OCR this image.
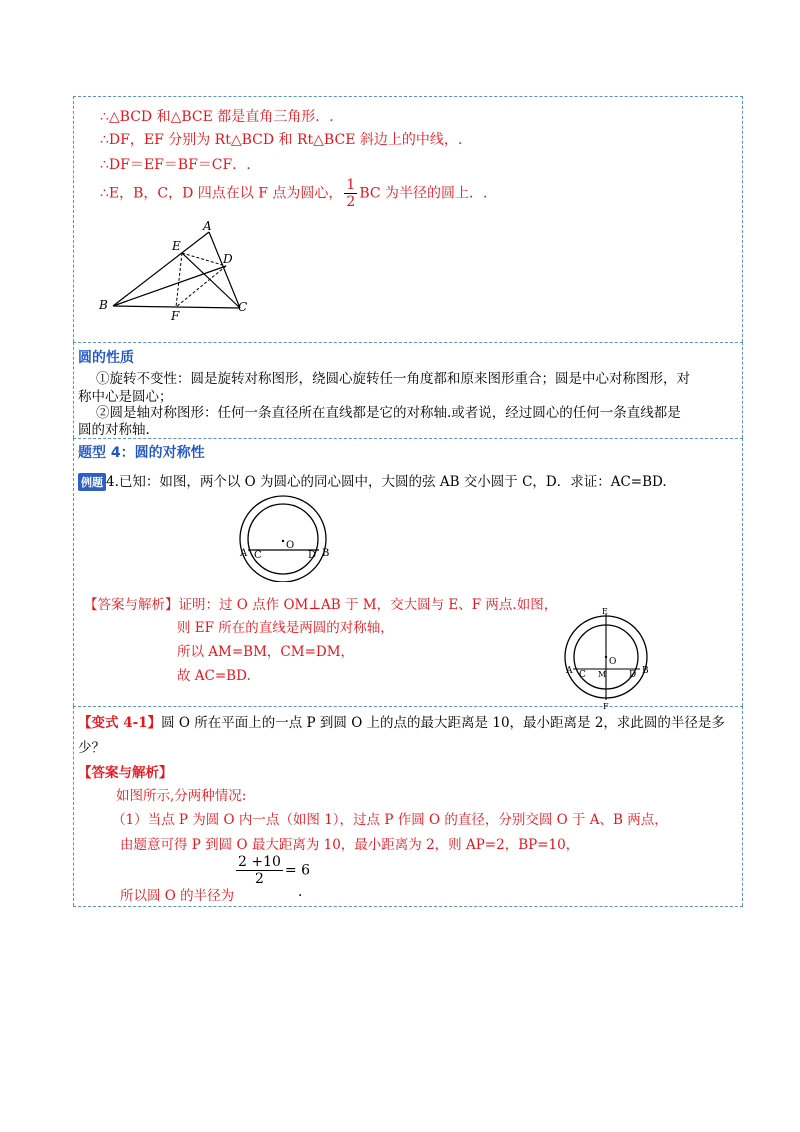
∴△BCD 和△BCE 都是直角三角形．.
∴DF，EF 分别为 Rt△BCD 和 Rt△BCE 斜边上的中线，.
∴DF＝EF＝BF＝CF．.
∴E，B，C，D 四点在以 F 点为圆心， $\frac{1}{2}$ BC 为半径的圆上．.
A
E
D
B	C
F
圆的性质
①旋转不变性：圆是旋转对称图形，绕圆心旋转任一角度都和原来图形重合；圆是中心对称图形，对
称中心是圆心；
②圆是轴对称图形：任何一条直径所在直线都是它的对称轴.或者说，经过圆心的任何一条直线都是
圆的对称轴.
题型 4：圆的对称性
例题 4.已知：如图，两个以 O 为圆心的同心圆中，大圆的弦 AB 交小圆于 C，D．求证：AC=BD.
O
A C	D B
【答案与解析】证明：过 O 点作 OM⊥AB 于 M，交大圆与 E、F 两点.如图，
则 EF 所在的直线是两圆的对称轴，
所以 AM=BM，CM=DM，
故 AC=BD.
E
O
A C M	D B
F
【变式 4-1】圆 O 所在平面上的一点 P 到圆 O 上的点的最大距离是 10，最小距离是 2，求此圆的半径是多
少？
【答案与解析】
如图所示,分两种情况:
（1）当点 P 为圆 O 内一点（如图 1），过点 P 作圆 O 的直径，分别交圆 O 于 A、B 两点，
由题意可得 P 到圆 O 最大距离为 10，最小距离为 2，则 AP=2，BP=10，
所以圆 O 的半径为
$\frac{2 +10}{2} = 6$
.
